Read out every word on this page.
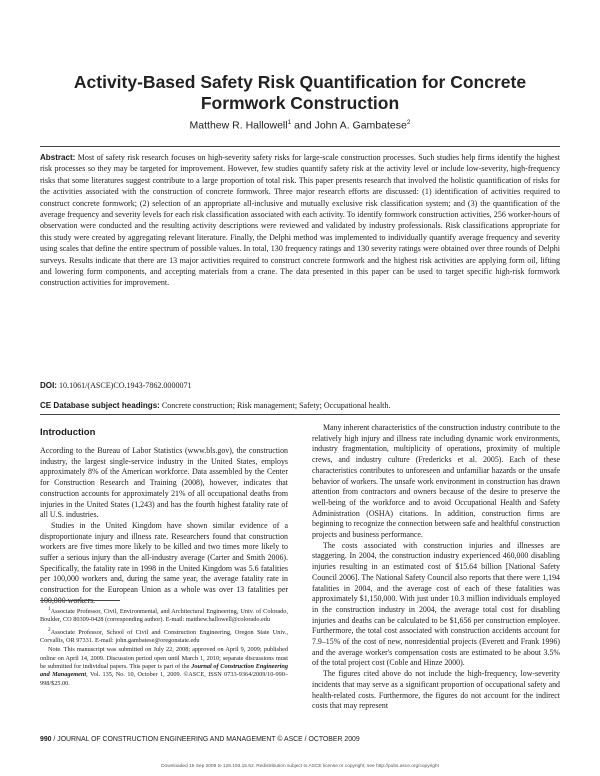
Activity-Based Safety Risk Quantification for Concrete Formwork Construction
Matthew R. Hallowell$^1$ and John A. Gambatese$^2$

Abstract: Most of safety risk research focuses on high-severity safety risks for large-scale construction processes. Such studies help firms identify the highest risk processes so they may be targeted for improvement. However, few studies quantify safety risk at the activity level or include low-severity, high-frequency risks that some literatures suggest contribute to a large proportion of total risk. This paper presents research that involved the holistic quantification of risks for the activities associated with the construction of concrete formwork. Three major research efforts are discussed: (1) identification of activities required to construct concrete formwork; (2) selection of an appropriate all-inclusive and mutually exclusive risk classification system; and (3) the quantification of the average frequency and severity levels for each risk classification associated with each activity. To identify formwork construction activities, 256 worker-hours of observation were conducted and the resulting activity descriptions were reviewed and validated by industry professionals. Risk classifications appropriate for this study were created by aggregating relevant literature. Finally, the Delphi method was implemented to individually quantify average frequency and severity using scales that define the entire spectrum of possible values. In total, 130 frequency ratings and 130 severity ratings were obtained over three rounds of Delphi surveys. Results indicate that there are 13 major activities required to construct concrete formwork and the highest risk activities are applying form oil, lifting and lowering form components, and accepting materials from a crane. The data presented in this paper can be used to target specific high-risk formwork construction activities for improvement.

DOI: 10.1061/(ASCE)CO.1943-7862.0000071

CE Database subject headings: Concrete construction; Risk management; Safety; Occupational health.

Introduction

According to the Bureau of Labor Statistics (www.bls.gov), the construction industry, the largest single-service industry in the United States, employs approximately 8% of the American workforce. Data assembled by the Center for Construction Research and Training (2008), however, indicates that construction accounts for approximately 21% of all occupational deaths from injuries in the United States (1,243) and has the fourth highest fatality rate of all U.S. industries.

Studies in the United Kingdom have shown similar evidence of a disproportionate injury and illness rate. Researchers found that construction workers are five times more likely to be killed and two times more likely to suffer a serious injury than the all-industry average (Carter and Smith 2006). Specifically, the fatality rate in 1998 in the United Kingdom was 5.6 fatalities per 100,000 workers and, during the same year, the average fatality rate in construction for the European Union as a whole was over 13 fatalities per 100,000 workers.

Many inherent characteristics of the construction industry contribute to the relatively high injury and illness rate including dynamic work environments, industry fragmentation, multiplicity of operations, proximity of multiple crews, and industry culture (Fredericks et al. 2005). Each of these characteristics contributes to unforeseen and unfamiliar hazards or the unsafe behavior of workers. The unsafe work environment in construction has drawn attention from contractors and owners because of the desire to preserve the well-being of the workforce and to avoid Occupational Health and Safety Administration (OSHA) citations. In addition, construction firms are beginning to recognize the connection between safe and healthful construction projects and business performance.

The costs associated with construction injuries and illnesses are staggering. In 2004, the construction industry experienced 460,000 disabling injuries resulting in an estimated cost of $15.64 billion [National Safety Council 2006]. The National Safety Council also reports that there were 1,194 fatalities in 2004, and the average cost of each of these fatalities was approximately $1,150,000. With just under 10.3 million individuals employed in the construction industry in 2004, the average total cost for disabling injuries and deaths can be calculated to be $1,656 per construction employee. Furthermore, the total cost associated with construction accidents account for 7.9–15% of the cost of new, nonresidential projects (Everett and Frank 1996) and the average worker's compensation costs are estimated to be about 3.5% of the total project cost (Coble and Hinze 2000).

The figures cited above do not include the high-frequency, low-severity incidents that may serve as a significant proportion of occupational safety and health-related costs. Furthermore, the figures do not account for the indirect costs that may represent

$^1$Associate Professor, Civil, Environmental, and Architectural Engineering, Univ. of Colorado, Boulder, CO 80309-0428 (corresponding author). E-mail: matthew.hallowell@colorado.edu

$^2$Associate Professor, School of Civil and Construction Engineering, Oregon State Univ., Corvallis, OR 97331. E-mail: john.gambatese@oregonstate.edu

Note. This manuscript was submitted on July 22, 2008; approved on April 9, 2009; published online on April 14, 2009. Discussion period open until March 1, 2010; separate discussions must be submitted for individual papers. This paper is part of the Journal of Construction Engineering and Management, Vol. 135, No. 10, October 1, 2009. ©ASCE, ISSN 0733-9364/2009/10-990–998/$25.00.

990 / JOURNAL OF CONSTRUCTION ENGINEERING AND MANAGEMENT © ASCE / OCTOBER 2009
Downloaded 15 Sep 2009 to 128.193.15.52. Redistribution subject to ASCE license or copyright; see http://pubs.asce.org/copyright
